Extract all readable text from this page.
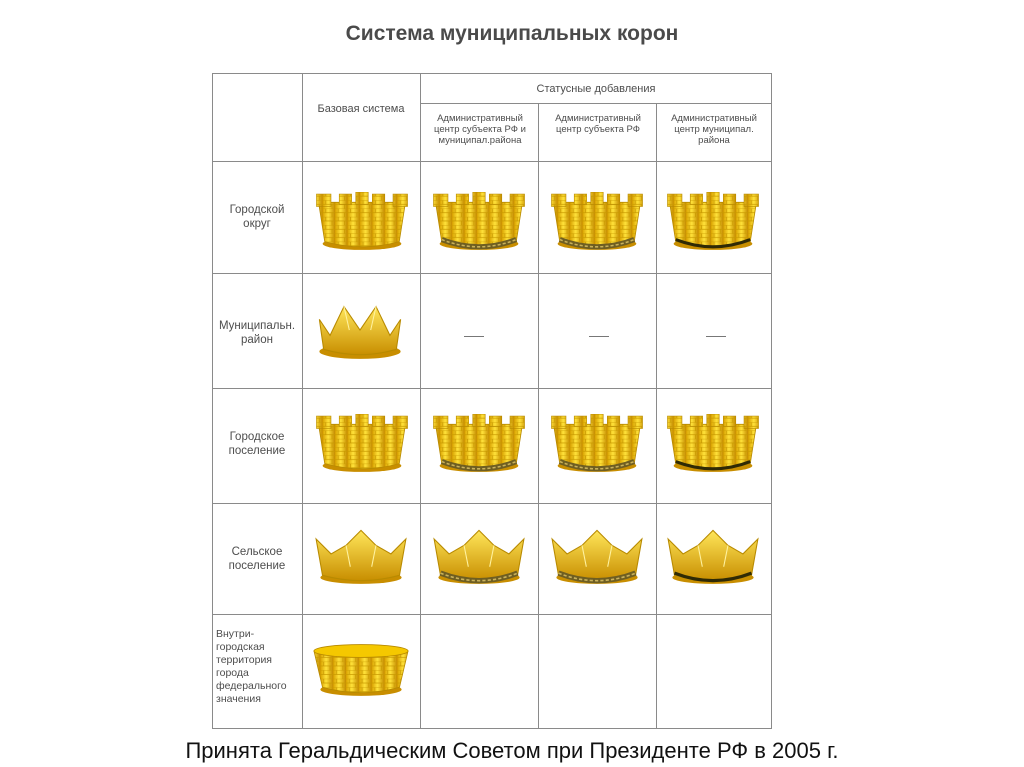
Система муниципальных корон
Базовая система
Статусные добавления
Административный центр субъекта РФ и муниципал.района
Административный центр субъекта РФ
Административный центр муниципал. района
Городской округ
Муниципальн. район
Городское поселение
Сельское поселение
Внутри-городская территория города федерального значения
Принята Геральдическим Советом при Президенте РФ в 2005 г.
